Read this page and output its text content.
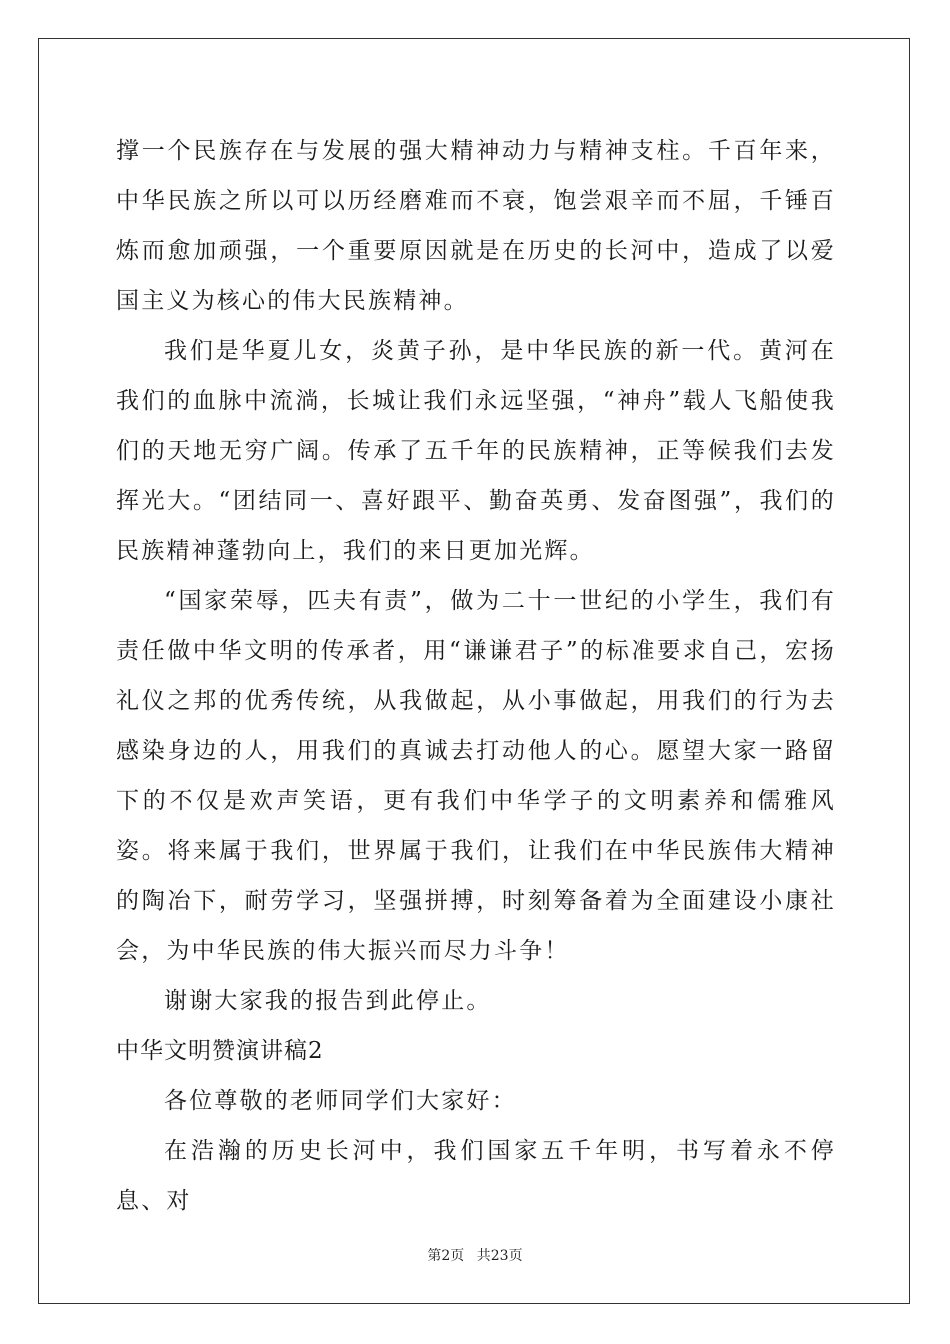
撑一个民族存在与发展的强大精神动力与精神支柱。千百年来，中华民族之所以可以历经磨难而不衰，饱尝艰辛而不屈，千锤百炼而愈加顽强，一个重要原因就是在历史的长河中，造成了以爱国主义为核心的伟大民族精神。

我们是华夏儿女，炎黄子孙，是中华民族的新一代。黄河在我们的血脉中流淌，长城让我们永远坚强，“神舟”载人飞船使我们的天地无穷广阔。传承了五千年的民族精神，正等候我们去发挥光大。“团结同一、喜好跟平、勤奋英勇、发奋图强”，我们的民族精神蓬勃向上，我们的来日更加光辉。

“国家荣辱，匹夫有责”，做为二十一世纪的小学生，我们有责任做中华文明的传承者，用“谦谦君子”的标准要求自己，宏扬礼仪之邦的优秀传统，从我做起，从小事做起，用我们的行为去感染身边的人，用我们的真诚去打动他人的心。愿望大家一路留下的不仅是欢声笑语，更有我们中华学子的文明素养和儒雅风姿。将来属于我们，世界属于我们，让我们在中华民族伟大精神的陶冶下，耐劳学习，坚强拼搏，时刻筹备着为全面建设小康社会，为中华民族的伟大振兴而尽力斗争！

谢谢大家我的报告到此停止。

中华文明赞演讲稿2

各位尊敬的老师同学们大家好：

在浩瀚的历史长河中，我们国家五千年明，书写着永不停息、对

第2页 共23页
